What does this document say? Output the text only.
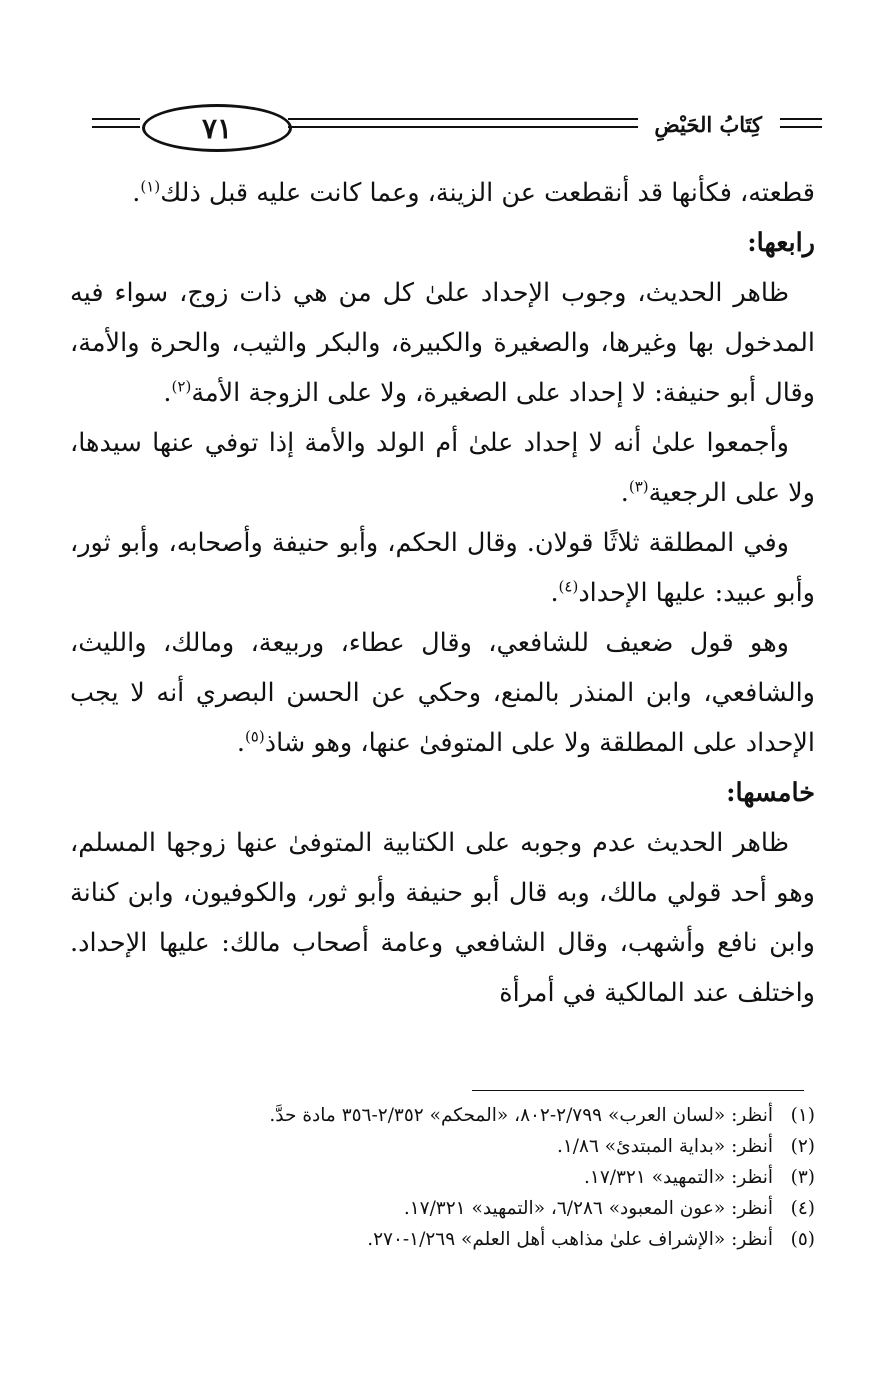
٧١	كِتَابُ الحَيْضِ

قطعته، فكأنها قد أنقطعت عن الزينة، وعما كانت عليه قبل ذلك$^{(١)}$.

رابعها:

ظاهر الحديث، وجوب الإحداد علىٰ كل من هي ذات زوج، سواء فيه المدخول بها وغيرها، والصغيرة والكبيرة، والبكر والثيب، والحرة والأمة، وقال أبو حنيفة: لا إحداد على الصغيرة، ولا على الزوجة الأمة$^{(٢)}$.

وأجمعوا علىٰ أنه لا إحداد علىٰ أم الولد والأمة إذا توفي عنها سيدها، ولا على الرجعية$^{(٣)}$.

وفي المطلقة ثلاثًا قولان. وقال الحكم، وأبو حنيفة وأصحابه، وأبو ثور، وأبو عبيد: عليها الإحداد$^{(٤)}$.

وهو قول ضعيف للشافعي، وقال عطاء، وربيعة، ومالك، والليث، والشافعي، وابن المنذر بالمنع، وحكي عن الحسن البصري أنه لا يجب الإحداد على المطلقة ولا على المتوفىٰ عنها، وهو شاذ$^{(٥)}$.

خامسها:

ظاهر الحديث عدم وجوبه على الكتابية المتوفىٰ عنها زوجها المسلم، وهو أحد قولي مالك، وبه قال أبو حنيفة وأبو ثور، والكوفيون، وابن كنانة وابن نافع وأشهب، وقال الشافعي وعامة أصحاب مالك: عليها الإحداد. واختلف عند المالكية في أمرأة

(١)
أنظر: «لسان العرب» ٢/٧٩٩-٨٠٢، «المحكم» ٢/٣٥٢-٣٥٦ مادة حدَّ.
(٢)
أنظر: «بداية المبتدئ» ١/٨٦.
(٣)
أنظر: «التمهيد» ١٧/٣٢١.
(٤)
أنظر: «عون المعبود» ٦/٢٨٦، «التمهيد» ١٧/٣٢١.
(٥)
أنظر: «الإشراف علىٰ مذاهب أهل العلم» ١/٢٦٩-٢٧٠.
